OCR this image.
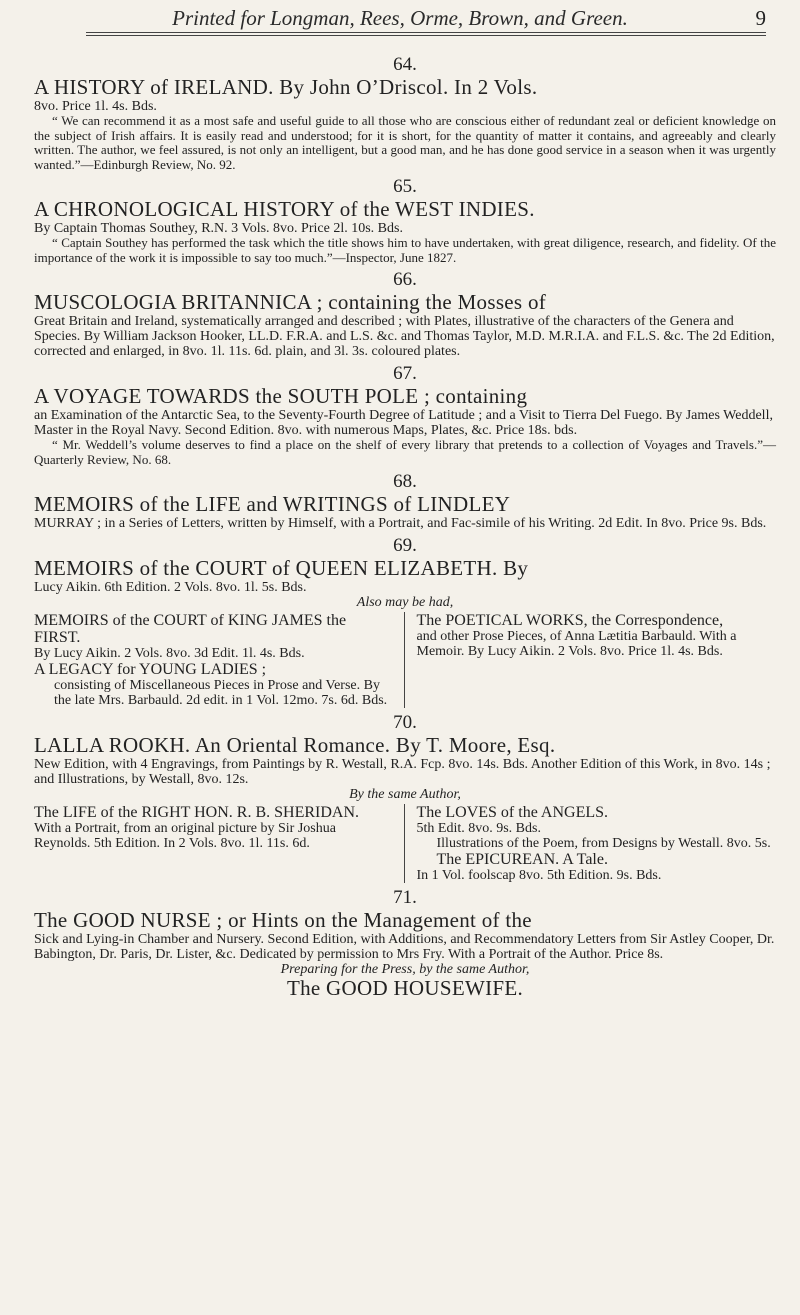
Printed for Longman, Rees, Orme, Brown, and Green.	9
64.
A HISTORY of IRELAND. By John O’Driscol. In 2 Vols.
8vo. Price 1l. 4s. Bds.
“ We can recommend it as a most safe and useful guide to all those who are conscious either of redundant zeal or deficient knowledge on the subject of Irish affairs. It is easily read and understood; for it is short, for the quantity of matter it contains, and agreeably and clearly written. The author, we feel assured, is not only an intelligent, but a good man, and he has done good service in a season when it was urgently wanted.”—Edinburgh Review, No. 92.
65.
A CHRONOLOGICAL HISTORY of the WEST INDIES.
By Captain Thomas Southey, R.N. 3 Vols. 8vo. Price 2l. 10s. Bds.
“ Captain Southey has performed the task which the title shows him to have undertaken, with great diligence, research, and fidelity. Of the importance of the work it is impossible to say too much.”—Inspector, June 1827.
66.
MUSCOLOGIA BRITANNICA ; containing the Mosses of
Great Britain and Ireland, systematically arranged and described ; with Plates, illustrative of the characters of the Genera and Species. By William Jackson Hooker, LL.D. F.R.A. and L.S. &c. and Thomas Taylor, M.D. M.R.I.A. and F.L.S. &c. The 2d Edition, corrected and enlarged, in 8vo. 1l. 11s. 6d. plain, and 3l. 3s. coloured plates.
67.
A VOYAGE TOWARDS the SOUTH POLE ; containing
an Examination of the Antarctic Sea, to the Seventy-Fourth Degree of Latitude ; and a Visit to Tierra Del Fuego. By James Weddell, Master in the Royal Navy. Second Edition. 8vo. with numerous Maps, Plates, &c. Price 18s. bds.
“ Mr. Weddell’s volume deserves to find a place on the shelf of every library that pretends to a collection of Voyages and Travels.”—Quarterly Review, No. 68.
68.
MEMOIRS of the LIFE and WRITINGS of LINDLEY
MURRAY ; in a Series of Letters, written by Himself, with a Portrait, and Fac-simile of his Writing. 2d Edit. In 8vo. Price 9s. Bds.
69.
MEMOIRS of the COURT of QUEEN ELIZABETH. By
Lucy Aikin. 6th Edition. 2 Vols. 8vo. 1l. 5s. Bds.
Also may be had,
MEMOIRS of the COURT of KING JAMES the FIRST.
By Lucy Aikin. 2 Vols. 8vo. 3d Edit. 1l. 4s. Bds.
A LEGACY for YOUNG LADIES ;
consisting of Miscellaneous Pieces in Prose and Verse. By the late Mrs. Barbauld. 2d edit. in 1 Vol. 12mo. 7s. 6d. Bds.
The POETICAL WORKS, the Correspondence,
and other Prose Pieces, of Anna Lætitia Barbauld. With a Memoir. By Lucy Aikin. 2 Vols. 8vo. Price 1l. 4s. Bds.
70.
LALLA ROOKH. An Oriental Romance. By T. Moore, Esq.
New Edition, with 4 Engravings, from Paintings by R. Westall, R.A. Fcp. 8vo. 14s. Bds. Another Edition of this Work, in 8vo. 14s ; and Illustrations, by Westall, 8vo. 12s.
By the same Author,
The LIFE of the RIGHT HON. R. B. SHERIDAN.
With a Portrait, from an original picture by Sir Joshua Reynolds. 5th Edition. In 2 Vols. 8vo. 1l. 11s. 6d.
The LOVES of the ANGELS.
5th Edit. 8vo. 9s. Bds.
Illustrations of the Poem, from Designs by Westall. 8vo. 5s.
The EPICUREAN. A Tale.
In 1 Vol. foolscap 8vo. 5th Edition. 9s. Bds.
71.
The GOOD NURSE ; or Hints on the Management of the
Sick and Lying-in Chamber and Nursery. Second Edition, with Additions, and Recommendatory Letters from Sir Astley Cooper, Dr. Babington, Dr. Paris, Dr. Lister, &c. Dedicated by permission to Mrs Fry. With a Portrait of the Author. Price 8s.
Preparing for the Press, by the same Author,
The GOOD HOUSEWIFE.
